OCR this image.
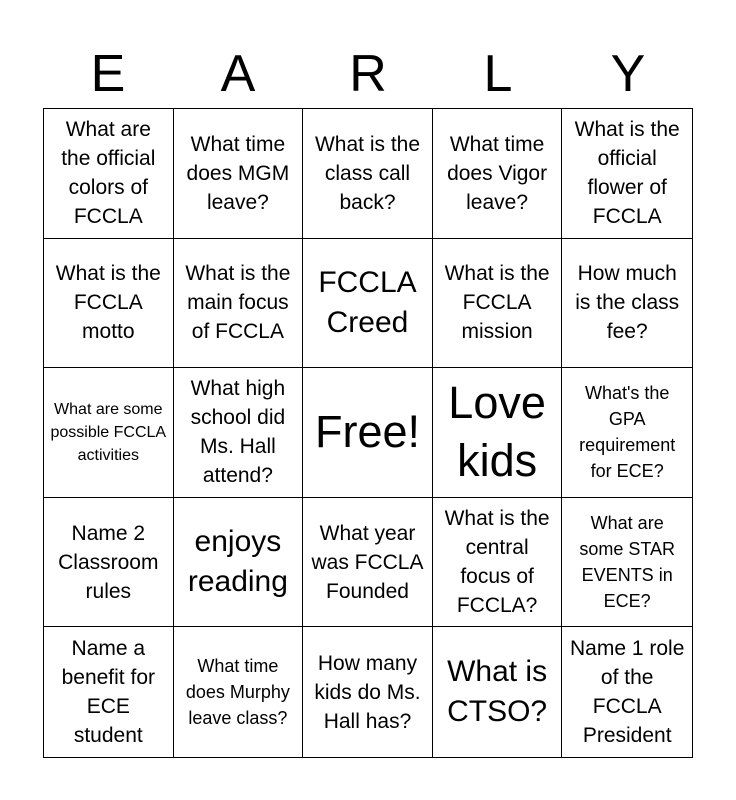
E	A	R	L	Y
What are the official colors of FCCLA
What time does MGM leave?
What is the class call back?
What time does Vigor leave?
What is the official flower of FCCLA
What is the FCCLA motto
What is the main focus of FCCLA
FCCLA Creed
What is the FCCLA mission
How much is the class fee?
What are some possible FCCLA activities
What high school did Ms. Hall attend?
Free!
Love kids
What's the GPA requirement for ECE?
Name 2 Classroom rules
enjoys reading
What year was FCCLA Founded
What is the central focus of FCCLA?
What are some STAR EVENTS in ECE?
Name a benefit for ECE student
What time does Murphy leave class?
How many kids do Ms. Hall has?
What is CTSO?
Name 1 role of the FCCLA President
